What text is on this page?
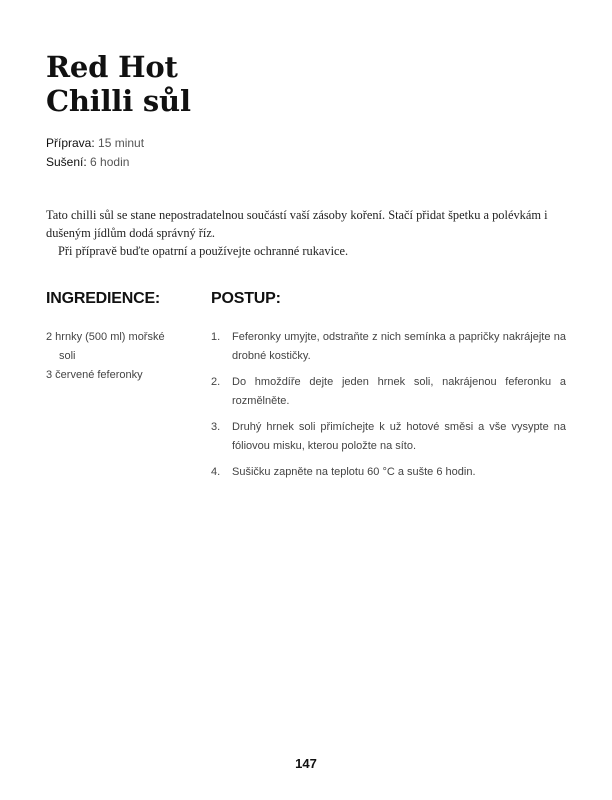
Red Hot
Chilli sůl
Příprava: 15 minut
Sušení: 6 hodin

Tato chilli sůl se stane nepostradatelnou součástí vaší zásoby koření. Stačí přidat špetku a polévkám i dušeným jídlům dodá správný říz.

Při přípravě buďte opatrní a používejte ochranné rukavice.

INGREDIENCE:
2 hrnky (500 ml) mořské
soli
3 červené feferonky
POSTUP:
1. Feferonky umyjte, odstraňte z nich semínka a papričky nakrájejte na drobné kostičky.
2. Do hmoždíře dejte jeden hrnek soli, nakrájenou feferonku a rozmělněte.
3. Druhý hrnek soli přimíchejte k už hotové směsi a vše vysypte na fóliovou misku, kterou položte na síto.
4. Sušičku zapněte na teplotu 60 °C a sušte 6 hodin.
147
